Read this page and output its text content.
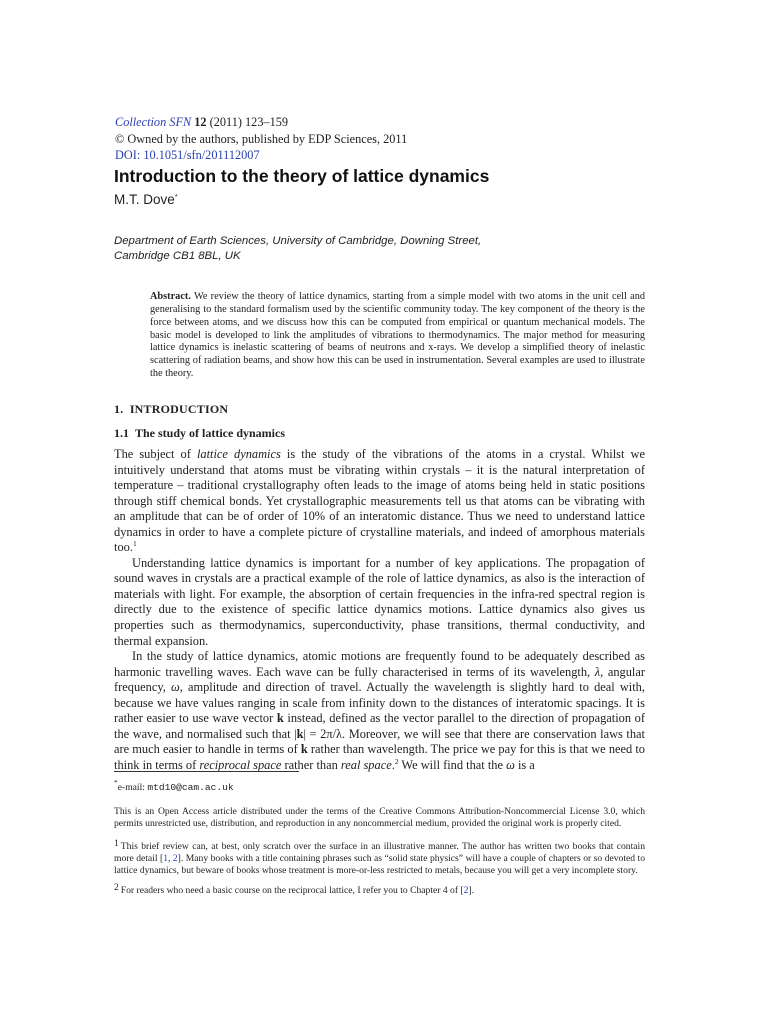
Collection SFN 12 (2011) 123–159
© Owned by the authors, published by EDP Sciences, 2011
DOI: 10.1051/sfn/201112007
Introduction to the theory of lattice dynamics
M.T. Dove*
Department of Earth Sciences, University of Cambridge, Downing Street,
Cambridge CB1 8BL, UK
Abstract. We review the theory of lattice dynamics, starting from a simple model with two atoms in the unit cell and generalising to the standard formalism used by the scientific community today. The key component of the theory is the force between atoms, and we discuss how this can be computed from empirical or quantum mechanical models. The basic model is developed to link the amplitudes of vibrations to thermodynamics. The major method for measuring lattice dynamics is inelastic scattering of beams of neutrons and x-rays. We develop a simplified theory of inelastic scattering of radiation beams, and show how this can be used in instrumentation. Several examples are used to illustrate the theory.
1. INTRODUCTION
1.1 The study of lattice dynamics

The subject of lattice dynamics is the study of the vibrations of the atoms in a crystal. Whilst we intuitively understand that atoms must be vibrating within crystals – it is the natural interpretation of temperature – traditional crystallography often leads to the image of atoms being held in static positions through stiff chemical bonds. Yet crystallographic measurements tell us that atoms can be vibrating with an amplitude that can be of order of 10% of an interatomic distance. Thus we need to understand lattice dynamics in order to have a complete picture of crystalline materials, and indeed of amorphous materials too.$^1$

Understanding lattice dynamics is important for a number of key applications. The propagation of sound waves in crystals are a practical example of the role of lattice dynamics, as also is the interaction of materials with light. For example, the absorption of certain frequencies in the infra-red spectral region is directly due to the existence of specific lattice dynamics motions. Lattice dynamics also gives us properties such as thermodynamics, superconductivity, phase transitions, thermal conductivity, and thermal expansion.

In the study of lattice dynamics, atomic motions are frequently found to be adequately described as harmonic travelling waves. Each wave can be fully characterised in terms of its wavelength, λ, angular frequency, ω, amplitude and direction of travel. Actually the wavelength is slightly hard to deal with, because we have values ranging in scale from infinity down to the distances of interatomic spacings. It is rather easier to use wave vector k instead, defined as the vector parallel to the direction of propagation of the wave, and normalised such that |k| = 2π/λ. Moreover, we will see that there are conservation laws that are much easier to handle in terms of k rather than wavelength. The price we pay for this is that we need to think in terms of reciprocal space rather than real space.$^2$ We will find that the ω is a

*e-mail: mtd10@cam.ac.uk
This is an Open Access article distributed under the terms of the Creative Commons Attribution-Noncommercial License 3.0, which permits unrestricted use, distribution, and reproduction in any noncommercial medium, provided the original work is properly cited.
1 This brief review can, at best, only scratch over the surface in an illustrative manner. The author has written two books that contain more detail [1, 2]. Many books with a title containing phrases such as “solid state physics” will have a couple of chapters or so devoted to lattice dynamics, but beware of books whose treatment is more-or-less restricted to metals, because you will get a very incomplete story.
2 For readers who need a basic course on the reciprocal lattice, I refer you to Chapter 4 of [2].
